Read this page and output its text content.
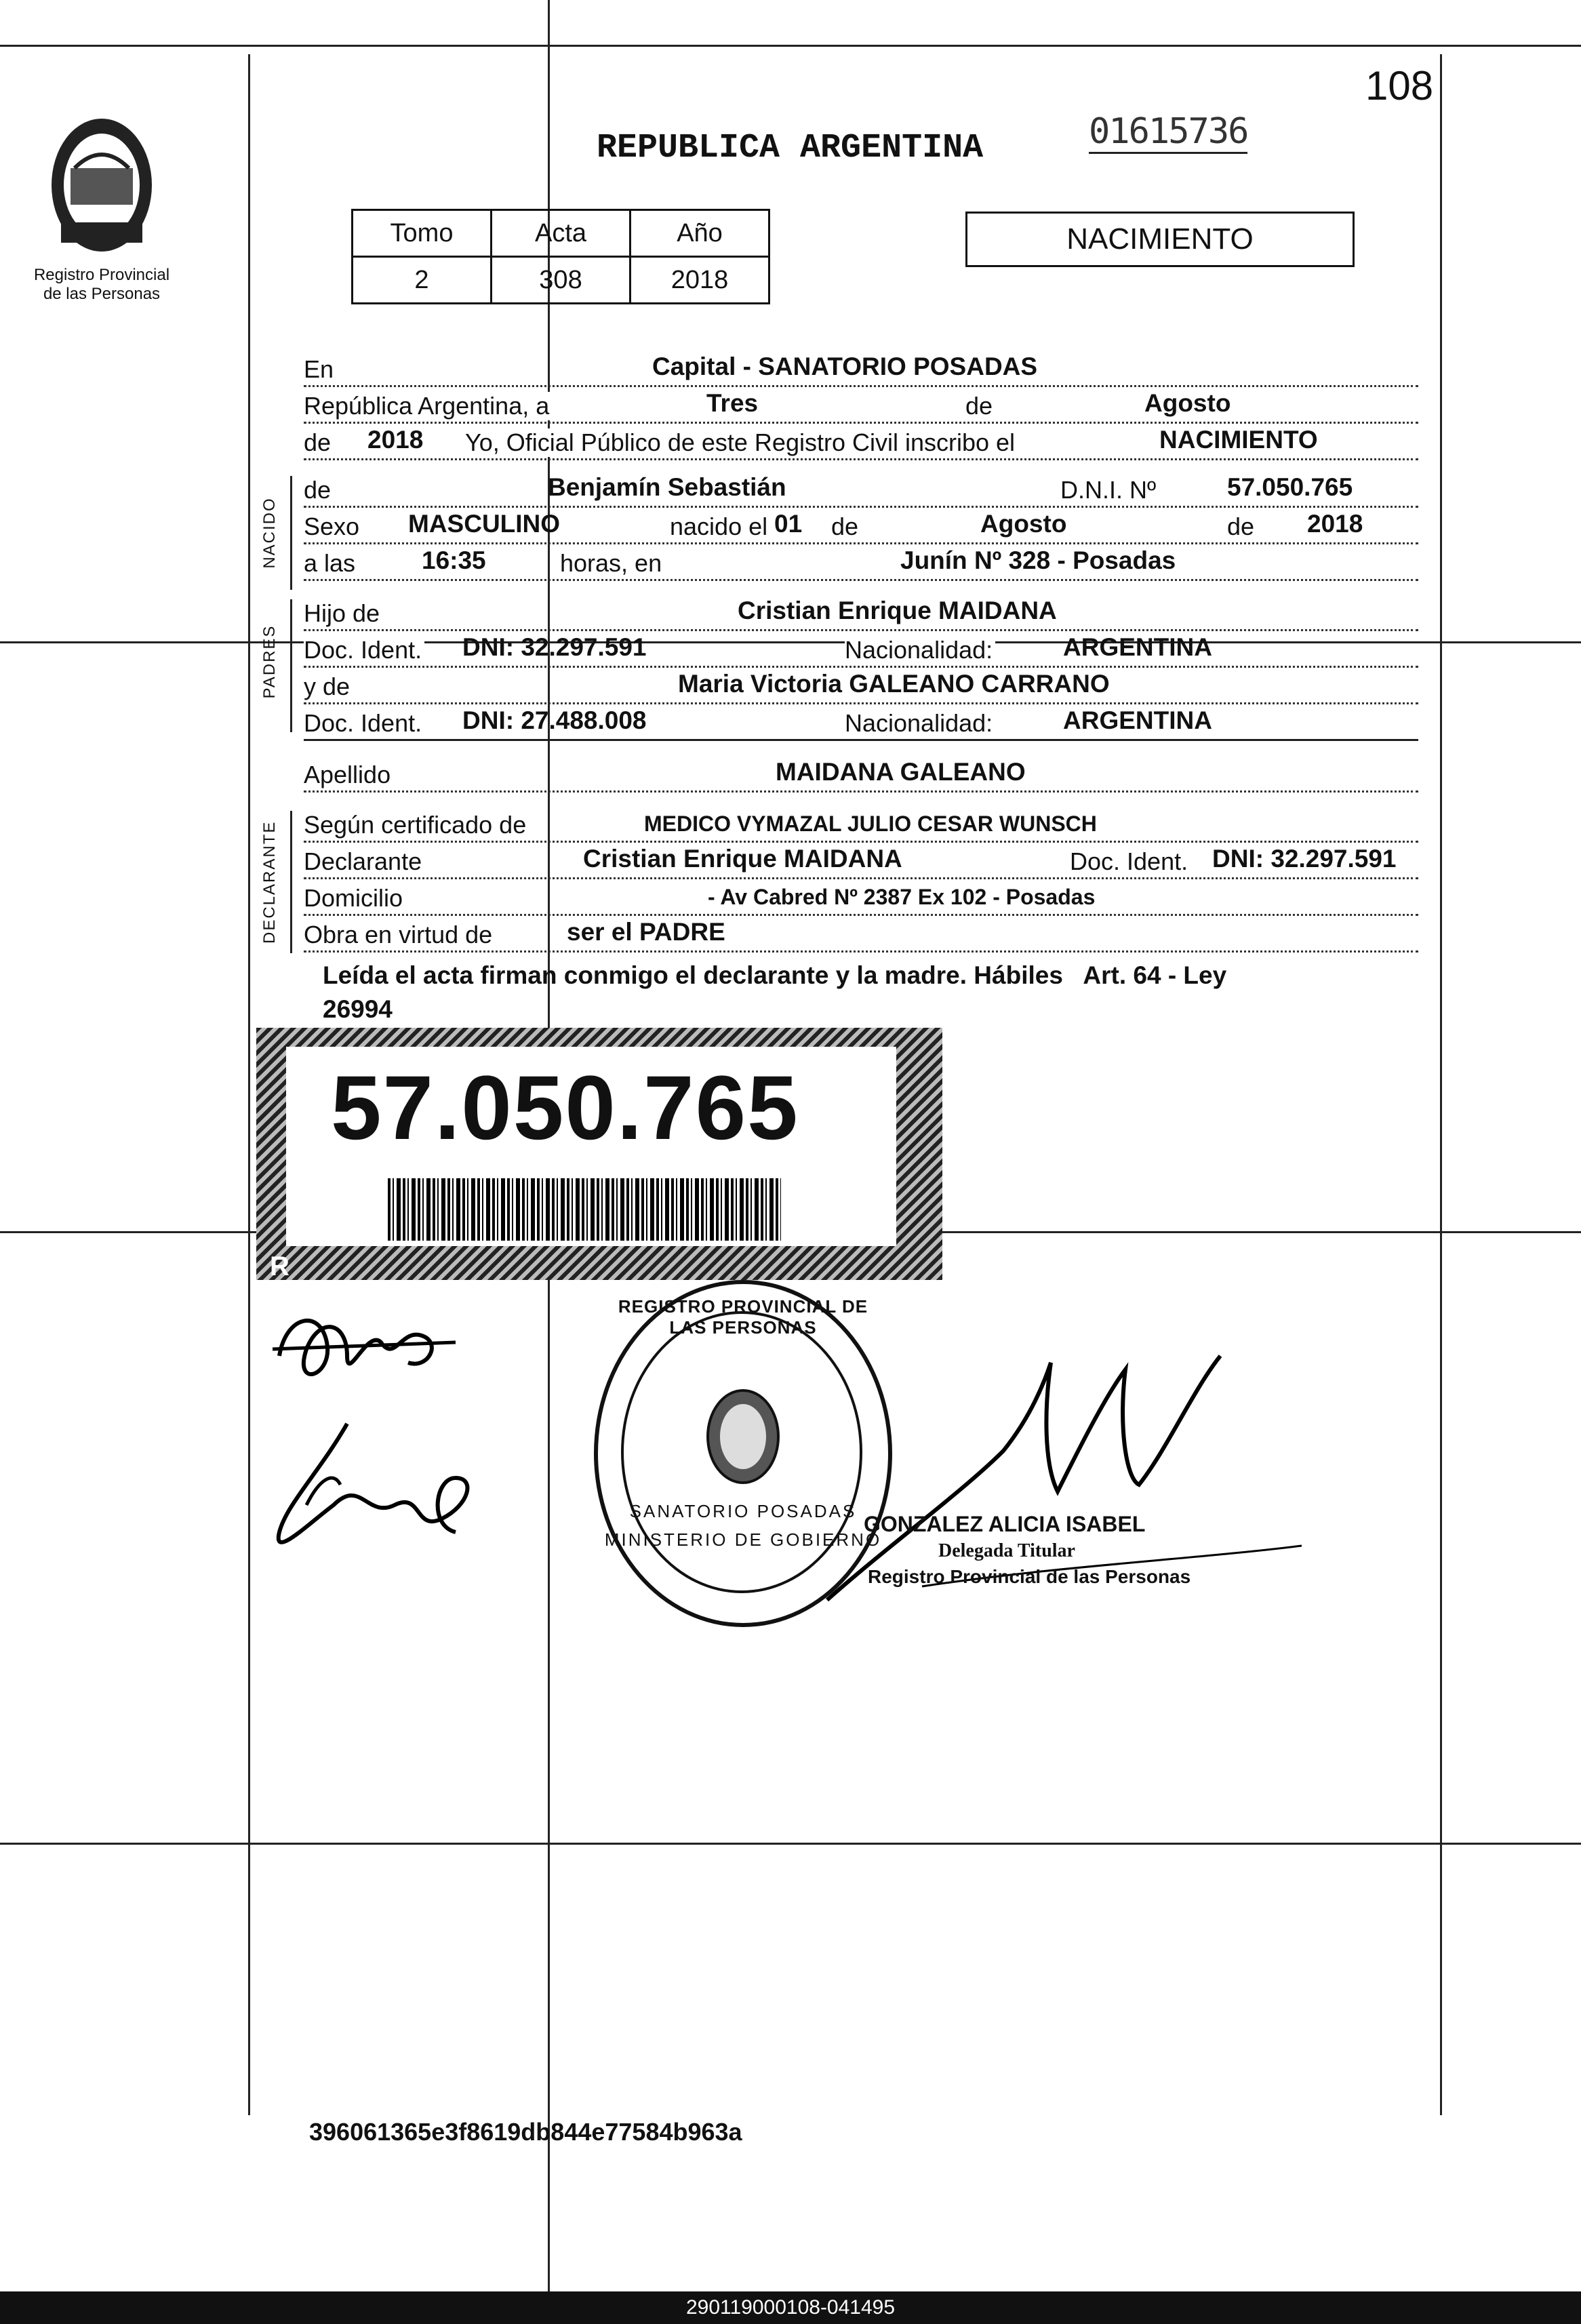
108
01615736
REPUBLICA ARGENTINA
Registro Provincial
de las Personas
Tomo	Acta	Año
2	308	2018
NACIMIENTO
En	Capital - SANATORIO POSADAS
República Argentina, a	Tres	de	Agosto
de 2018 Yo, Oficial Público de este Registro Civil inscribo el	NACIMIENTO
NACIDO
de	Benjamín Sebastián	D.N.I. Nº	57.050.765
Sexo MASCULINO	nacido el 01 de	Agosto	de 2018
a las	16:35	horas, en	Junín Nº 328 - Posadas
PADRES
Hijo de	Cristian Enrique MAIDANA
Doc. Ident. DNI: 32.297.591	Nacionalidad:	ARGENTINA
y de	Maria Victoria GALEANO CARRANO
Doc. Ident. DNI: 27.488.008	Nacionalidad:	ARGENTINA
Apellido	MAIDANA GALEANO
DECLARANTE Según certificado de	MEDICO VYMAZAL JULIO CESAR WUNSCH
Declarante	Cristian Enrique MAIDANA	Doc. Ident. DNI: 32.297.591
Domicilio	- Av Cabred Nº 2387 Ex 102 - Posadas
Obra en virtud de	ser el PADRE
Leída el acta firman conmigo el declarante y la madre. Hábiles   Art. 64 - Ley
26994
57.050.765
R
REGISTRO PROVINCIAL DE LAS PERSONAS
SANATORIO POSADAS
MINISTERIO DE GOBIERNO
GONZALEZ ALICIA ISABEL
Delegada Titular
Registro Provincial de las Personas
396061365e3f8619db844e77584b963a
290119000108-041495
